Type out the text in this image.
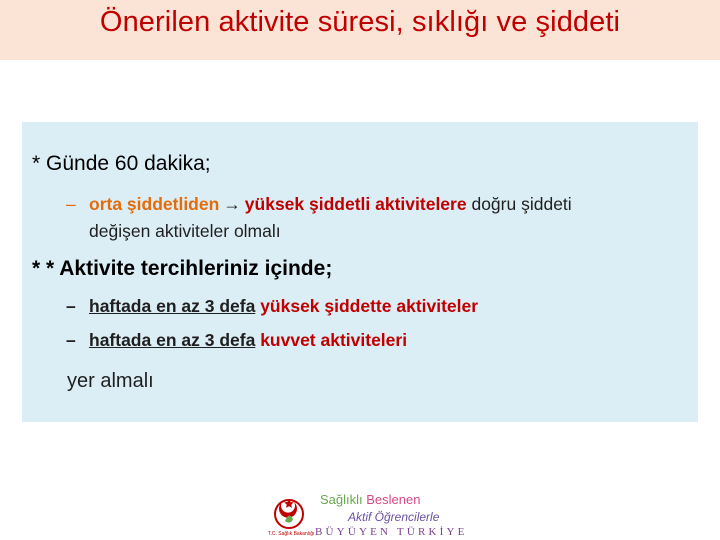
Önerilen aktivite süresi, sıklığı ve şiddeti
* Günde 60 dakika;
– orta şiddetliden → yüksek şiddetli aktivitelere doğru şiddeti
değişen aktiviteler olmalı
* * Aktivite tercihleriniz içinde;
– haftada en az 3 defa yüksek şiddette aktiviteler
– haftada en az 3 defa kuvvet aktiviteleri
yer almalı
T.C. Sağlık Bakanlığı
Sağlıklı Beslenen
Aktif Öğrencilerle
BÜYÜYEN TÜRKİYE
